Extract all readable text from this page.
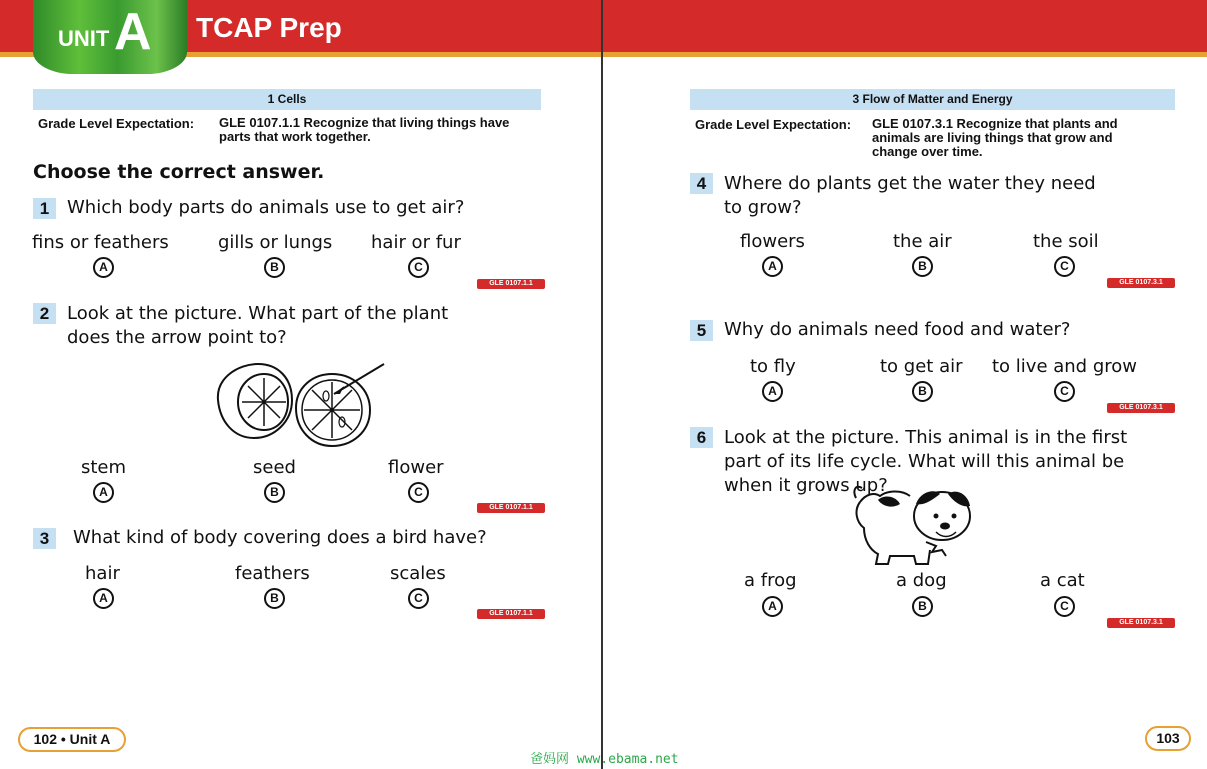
UNIT A TCAP Prep
1 Cells
Grade Level Expectation: GLE 0107.1.1 Recognize that living things have parts that work together.
Choose the correct answer.
1 Which body parts do animals use to get air?
fins or feathers	gills or lungs hair or fur
A	B	C
GLE 0107.1.1
2 Look at the picture. What part of the plant does the arrow point to?
stem	seed	flower
A	B	C
GLE 0107.1.1
3	What kind of body covering does a bird have?
hair	feathers	scales
A	B	C
GLE 0107.1.1
102 • Unit A
3 Flow of Matter and Energy
Grade Level Expectation: GLE 0107.3.1 Recognize that plants and animals are living things that grow and change over time.
4 Where do plants get the water they need to grow?
flowers	the air	the soil
A	B	C
GLE 0107.3.1
5 Why do animals need food and water?
to fly	to get air to live and grow
A	B	C
GLE 0107.3.1
6 Look at the picture. This animal is in the first part of its life cycle. What will this animal be when it grows up?
a frog	a dog	a cat
A	B	C
GLE 0107.3.1
103
爸妈网 www.ebama.net
